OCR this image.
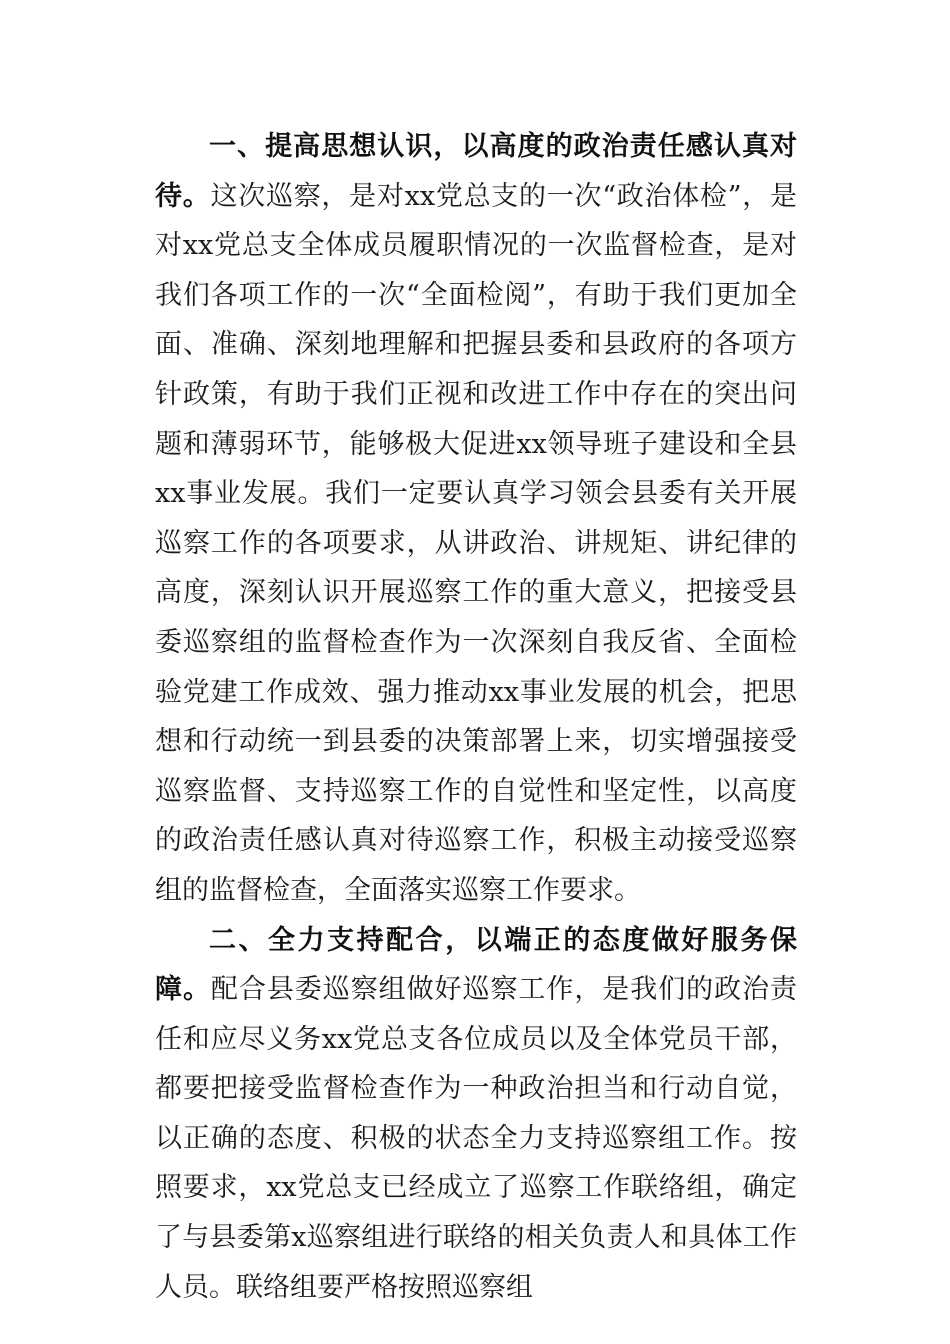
一、提高思想认识，以高度的政治责任感认真对待。这次巡察，是对xx党总支的一次“政治体检”，是对xx党总支全体成员履职情况的一次监督检查，是对我们各项工作的一次“全面检阅”，有助于我们更加全面、准确、深刻地理解和把握县委和县政府的各项方针政策，有助于我们正视和改进工作中存在的突出问题和薄弱环节，能够极大促进xx领导班子建设和全县xx事业发展。我们一定要认真学习领会县委有关开展巡察工作的各项要求，从讲政治、讲规矩、讲纪律的高度，深刻认识开展巡察工作的重大意义，把接受县委巡察组的监督检查作为一次深刻自我反省、全面检验党建工作成效、强力推动xx事业发展的机会，把思想和行动统一到县委的决策部署上来，切实增强接受巡察监督、支持巡察工作的自觉性和坚定性，以高度的政治责任感认真对待巡察工作，积极主动接受巡察组的监督检查，全面落实巡察工作要求。

二、全力支持配合，以端正的态度做好服务保障。配合县委巡察组做好巡察工作，是我们的政治责任和应尽义务xx党总支各位成员以及全体党员干部，都要把接受监督检查作为一种政治担当和行动自觉，以正确的态度、积极的状态全力支持巡察组工作。按照要求，xx党总支已经成立了巡察工作联络组，确定了与县委第x巡察组进行联络的相关负责人和具体工作人员。联络组要严格按照巡察组
